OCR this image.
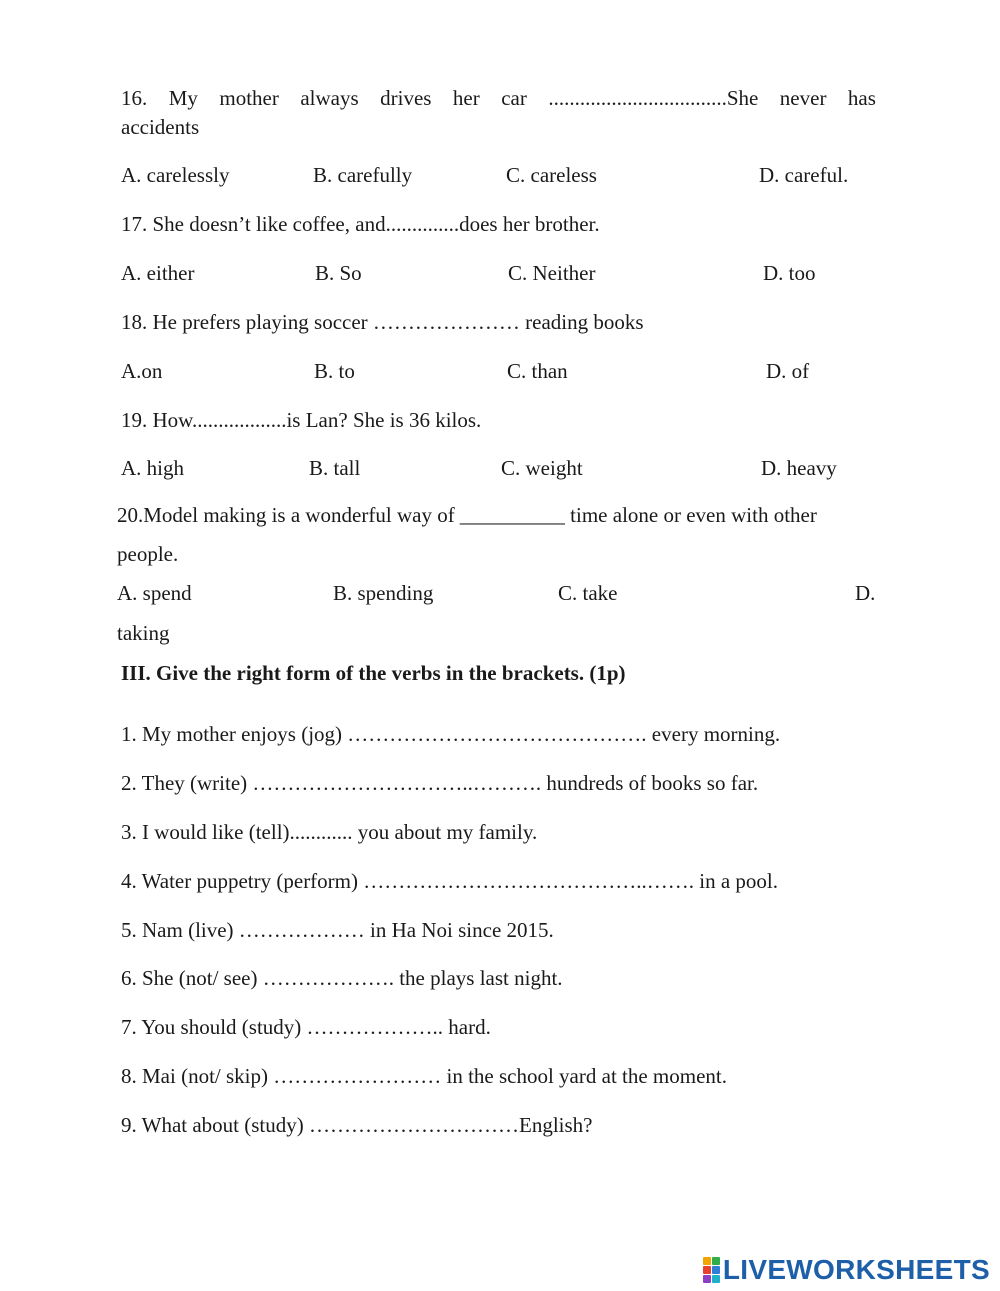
16. My mother always drives her car ..................................She never has
accidents
A. carelessly	B. carefully	C. careless	D. careful.
17. She doesn’t like coffee, and..............does her brother.
A. either	B. So	C. Neither	D. too
18. He prefers playing soccer ………………… reading books
A.on	B. to	C. than	D. of
19. How..................is Lan? She is 36 kilos.
A. high	B. tall	C. weight	D. heavy
20.Model making is a wonderful way of __________ time alone or even with other
people.
A. spend	B. spending	C. take	D.
taking
III. Give the right form of the verbs in the brackets. (1p)
1. My mother enjoys (jog) ……………………………………. every morning.
2. They (write) …………………………..………. hundreds of books so far.
3. I would like (tell)............ you about my family.
4. Water puppetry (perform) …………………………………..……. in a pool.
5. Nam (live) ……………… in Ha Noi since 2015.
6. She (not/ see) ………………. the plays last night.
7. You should (study) ……………….. hard.
8. Mai (not/ skip) …………………… in the school yard at the moment.
9. What about (study) …………………………English?
LIVEWORKSHEETS
